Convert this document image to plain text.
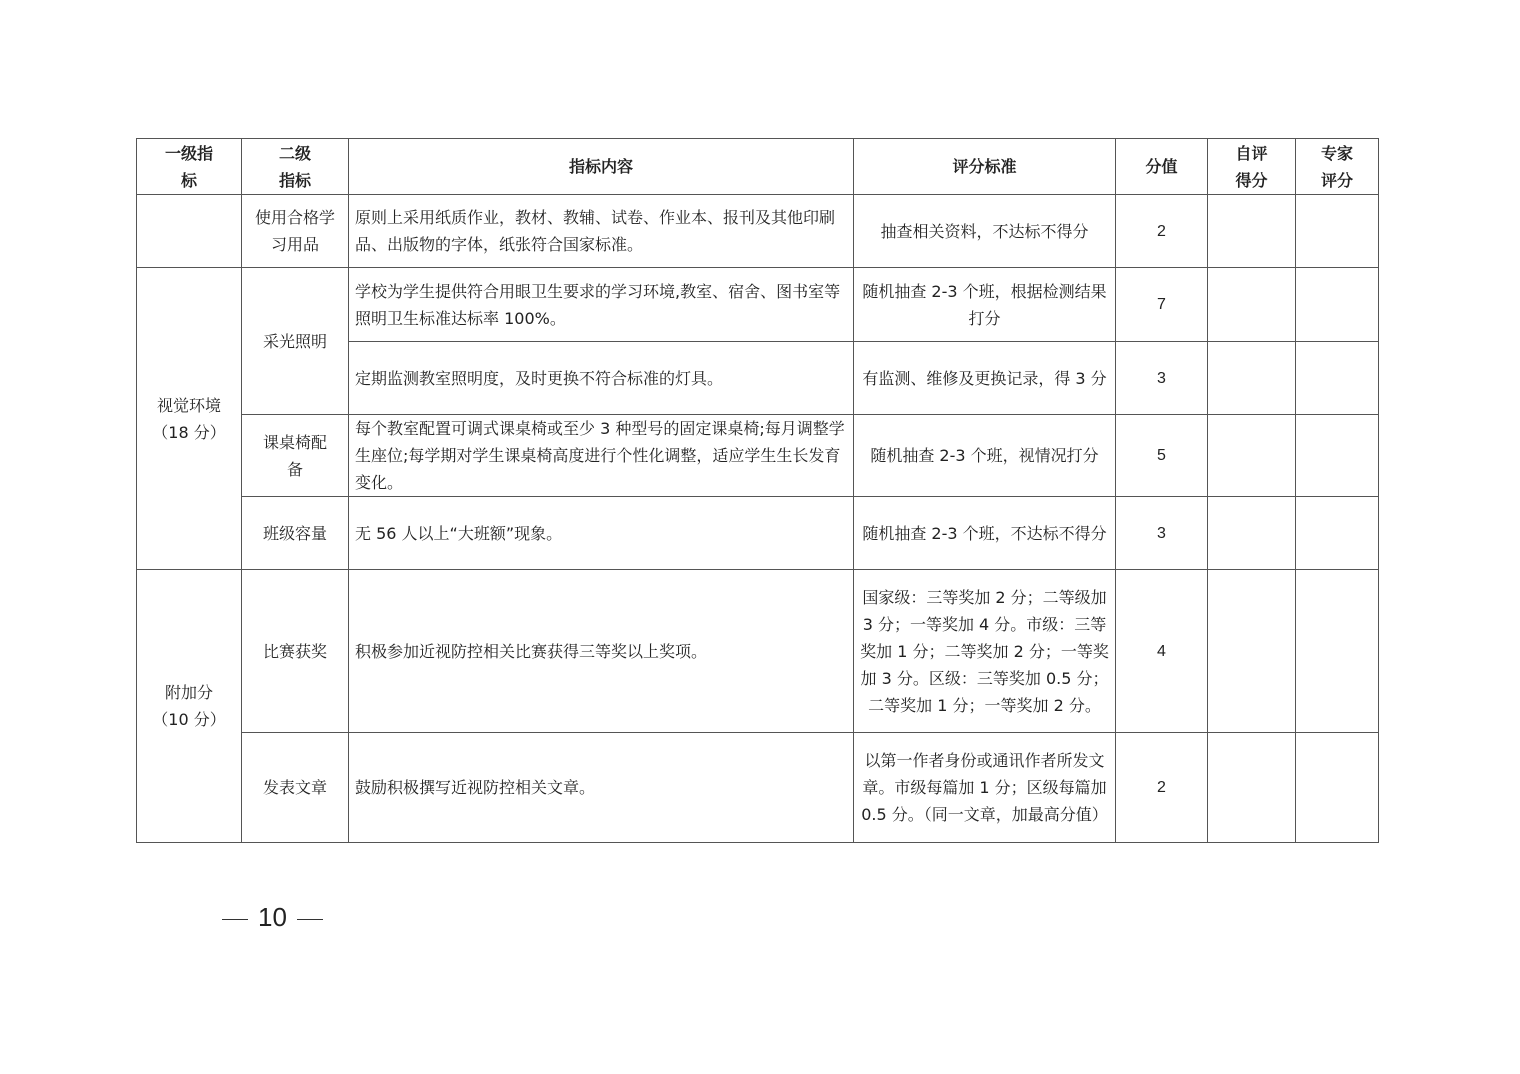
一级指标	二级指标	指标内容	评分标准	分值	自评得分	专家评分
	使用合格学习用品	原则上采用纸质作业，教材、教辅、试卷、作业本、报刊及其他印刷品、出版物的字体，纸张符合国家标准。	抽查相关资料，不达标不得分	2		
视觉环境（18 分）	采光照明	学校为学生提供符合用眼卫生要求的学习环境,教室、宿舍、图书室等照明卫生标准达标率 100%。	随机抽查 2-3 个班，根据检测结果打分	7		
		定期监测教室照明度，及时更换不符合标准的灯具。	有监测、维修及更换记录，得 3 分	3		
	课桌椅配备	每个教室配置可调式课桌椅或至少 3 种型号的固定课桌椅;每月调整学生座位;每学期对学生课桌椅高度进行个性化调整，适应学生生长发育变化。	随机抽查 2-3 个班，视情况打分	5		
	班级容量	无 56 人以上“大班额”现象。	随机抽查 2-3 个班，不达标不得分	3		
附加分（10 分）	比赛获奖	积极参加近视防控相关比赛获得三等奖以上奖项。	国家级：三等奖加 2 分；二等级加 3 分；一等奖加 4 分。市级：三等奖加 1 分；二等奖加 2 分；一等奖加 3 分。区级：三等奖加 0.5 分；二等奖加 1 分；一等奖加 2 分。	4		
	发表文章	鼓励积极撰写近视防控相关文章。	以第一作者身份或通讯作者所发文章。市级每篇加 1 分；区级每篇加 0.5 分。（同一文章，加最高分值）	2		
10
